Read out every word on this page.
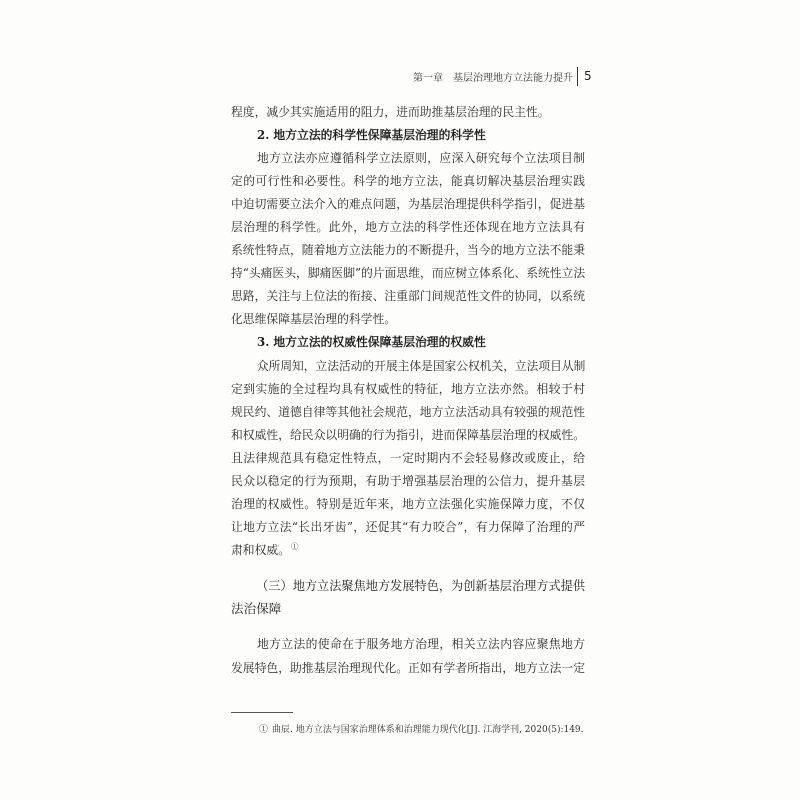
第一章　基层治理地方立法能力提升 5
程度，减少其实施适用的阻力，进而助推基层治理的民主性。
2. 地方立法的科学性保障基层治理的科学性
地方立法亦应遵循科学立法原则，应深入研究每个立法项目制
定的可行性和必要性。科学的地方立法，能真切解决基层治理实践
中迫切需要立法介入的难点问题，为基层治理提供科学指引，促进基
层治理的科学性。此外，地方立法的科学性还体现在地方立法具有
系统性特点，随着地方立法能力的不断提升，当今的地方立法不能秉
持“头痛医头，脚痛医脚”的片面思维，而应树立体系化、系统性立法
思路，关注与上位法的衔接、注重部门间规范性文件的协同，以系统
化思维保障基层治理的科学性。
3. 地方立法的权威性保障基层治理的权威性
众所周知，立法活动的开展主体是国家公权机关，立法项目从制
定到实施的全过程均具有权威性的特征，地方立法亦然。相较于村
规民约、道德自律等其他社会规范，地方立法活动具有较强的规范性
和权威性，给民众以明确的行为指引，进而保障基层治理的权威性。
且法律规范具有稳定性特点，一定时期内不会轻易修改或废止，给
民众以稳定的行为预期，有助于增强基层治理的公信力，提升基层
治理的权威性。特别是近年来，地方立法强化实施保障力度，不仅
让地方立法“长出牙齿”，还促其“有力咬合”，有力保障了治理的严
肃和权威。①
（三）地方立法聚焦地方发展特色，为创新基层治理方式提供
法治保障
地方立法的使命在于服务地方治理，相关立法内容应聚焦地方
发展特色，助推基层治理现代化。正如有学者所指出，地方立法一定
① 曲辰. 地方立法与国家治理体系和治理能力现代化[J]. 江海学刊, 2020(5):149.
